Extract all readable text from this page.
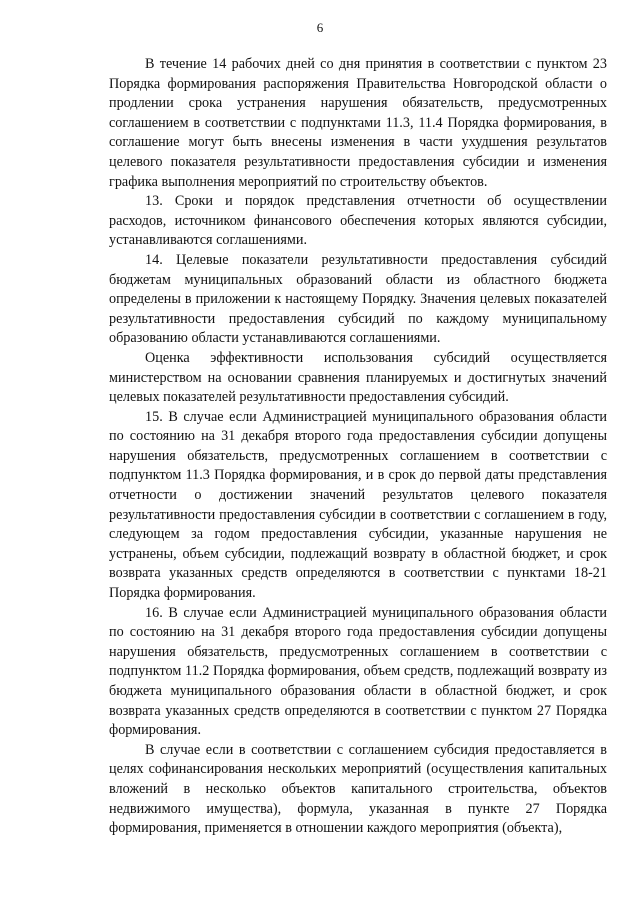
6

В течение 14 рабочих дней со дня принятия в соответствии с пунктом 23 Порядка формирования распоряжения Правительства Новгородской области о продлении срока устранения нарушения обязательств, предусмотренных соглашением в соответствии с подпунктами 11.3, 11.4 Порядка формирования, в соглашение могут быть внесены изменения в части ухудшения результатов целевого показателя результативности предоставления субсидии и изменения графика выполнения мероприятий по строительству объектов.

13. Сроки и порядок представления отчетности об осуществлении расходов, источником финансового обеспечения которых являются субсидии, устанавливаются соглашениями.

14. Целевые показатели результативности предоставления субсидий бюджетам муниципальных образований области из областного бюджета определены в приложении к настоящему Порядку. Значения целевых показателей результативности предоставления субсидий по каждому муниципальному образованию области устанавливаются соглашениями.

Оценка эффективности использования субсидий осуществляется министерством на основании сравнения планируемых и достигнутых значений целевых показателей результативности предоставления субсидий.

15. В случае если Администрацией муниципального образования области по состоянию на 31 декабря второго года предоставления субсидии допущены нарушения обязательств, предусмотренных соглашением в соответствии с подпунктом 11.3 Порядка формирования, и в срок до первой даты представления отчетности о достижении значений результатов целевого показателя результативности предоставления субсидии в соответствии с соглашением в году, следующем за годом предоставления субсидии, указанные нарушения не устранены, объем субсидии, подлежащий возврату в областной бюджет, и срок возврата указанных средств определяются в соответствии с пунктами 18-21 Порядка формирования.

16. В случае если Администрацией муниципального образования области по состоянию на 31 декабря второго года предоставления субсидии допущены нарушения обязательств, предусмотренных соглашением в соответствии с подпунктом 11.2 Порядка формирования, объем средств, подлежащий возврату из бюджета муниципального образования области в областной бюджет, и срок возврата указанных средств определяются в соответствии с пунктом 27 Порядка формирования.

В случае если в соответствии с соглашением субсидия предоставляется в целях софинансирования нескольких мероприятий (осуществления капитальных вложений в несколько объектов капитального строительства, объектов недвижимого имущества), формула, указанная в пункте 27 Порядка формирования, применяется в отношении каждого мероприятия (объекта),
